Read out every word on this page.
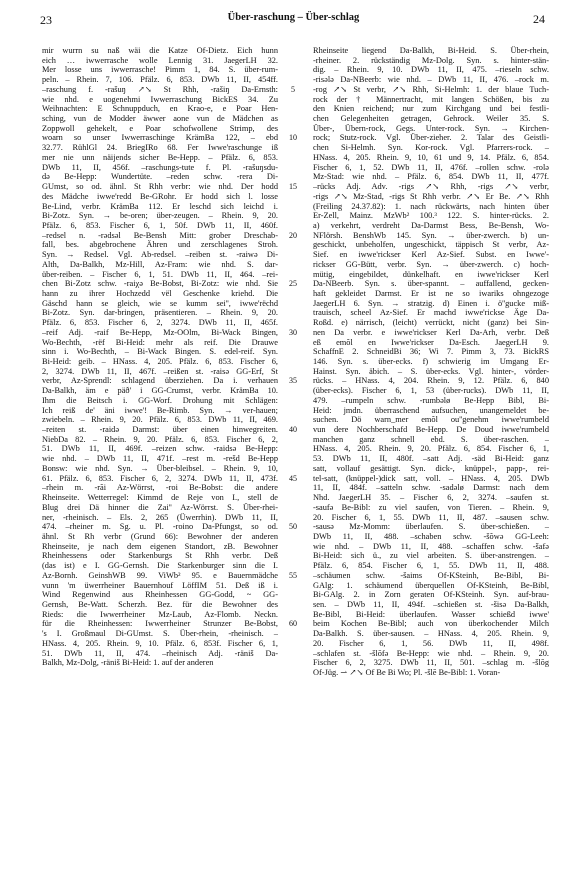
23	Über-raschung – Über-schlag	24
mir wurrn su naß wäi die Katze Of-Dietz. Eich hunn
eich … iwwerrasche wolle Lennig 31. JaegerLH 32.
Mer losse uns iwwerrasche! Pimm 1, 84. S. über-rum-
peln. – Rhein. 7, 106. Pfälz. 6, 853. DWb 11, II, 454ff.
–raschung f. -rašuŋ ↗↘ St Rhh, -rašiŋ Da-Ernsth:
wie nhd. e uogenehmi Iwwerraschung BickES 34. Zu
Weihnachten: E Schnuppduch, en Krao-e, e Poar Hen-
sching, vun de Modder äwwer aone vun de Mädchen as
Zoppwoll gehekelt, e Poar schofwollene Strimp, des
woarn so unser Iwwerraschinge KrämBa 122, – ebd
32.77. RühlGl 24. BriegIRo 68. Fer Iwwe'raschunge iß
mer nie unn näijends sicher Be-Hepp. – Pfälz. 6, 853.
DWb 11, II, 456f. –raschungs-tute f. Pl. -rašuŋsdu-
də Be-Hepp: Wundertüte. –reden schw. -rera Di-
GUmst, so od. ähnl. St Rhh verbr: wie nhd. Der hodd
des Mädche iwwe'redd Be-GRohr. Er hodd sich l. losse
Be-Lind, verbr. KrämBa 112. Er leschd sich leichd i.
Bi-Zotz. Syn. → be-oren; über-zeugen. – Rhein. 9, 20.
Pfälz. 6, 853. Fischer 6, 1, 50f. DWb 11, II, 460f.
–redsel n. -rədsəl Be-Bensh Mitt: grober Dreschab-
fall, bes. abgebrochene Ähren und zerschlagenes Stroh.
Syn. → Redsel. Vgl. Ab-redsel. –reiben st. -raiwə Di-
Alth, Da-Balkh, Mz-Hill, Az-Fram: wie nhd. S. dar-
über-reiben. – Fischer 6, 1, 51. DWb 11, II, 464. –rei-
chen Bi-Zotz schw. -raiχə Be-Bobst, Bi-Zotz: wie nhd. Sie
hann zu ihrer Hochzedd vël Geschenke kriehd. Die
Gäschd hann se gleich, wie se kumm sei'', iwwe'rëchd
Bi-Zotz. Syn. dar-bringen, präsentieren. – Rhein. 9, 20.
Pfälz. 6, 853. Fischer 6, 2, 3274. DWb 11, II, 465f.
–reif Adj. -raif Be-Hepp, Mz-OOlm, Bi-Wack Bingen,
Wo-Bechth, -rëf Bi-Heid: mehr als reif. Die Drauwe
sinn i. Wo-Bechth, – Bi-Wack Bingen. S. edel-reif. Syn.
Bi-Heid: geib. – HNass. 4, 205. Pfälz. 6, 853. Fischer 6,
2, 3274. DWb 11, II, 467f. –reißen st. -raisə GG-Erf, St
verbr, Az-Sprendl: schlagend überziehen. Da i. verhauen
Da-Balkh, äm e päð' i GG-Crumst, verbr. KrämBa 10.
Ihm die Beitsch i. GG-Worf. Drohung mit Schlägen:
Ich reiß de' äni iwwe'! Be-Rimb. Syn. → ver-hauen;
zwiebeln. – Rhein. 9, 20. Pfälz. 6, 853. DWb 11, II, 469.
–reiten st. -raidə Darmst: über einen hinwegreiten.
NiebDa 82. – Rhein. 9, 20. Pfälz. 6, 853. Fischer 6, 2,
51. DWb 11, II, 469f. –reizen schw. -raidsə Be-Hepp:
wie nhd. – DWb 11, II, 471f. –rest m. -rešd Be-Hepp
Bonsw: wie nhd. Syn. → Über-bleibsel. – Rhein. 9, 10,
61. Pfälz. 6, 853. Fischer 6, 2, 3274. DWb 11, II, 473f.
–rhein m. -rãi Az-Wörrst, -roi Be-Bobst: die andere
Rheinseite. Wetterregel: Kimmd de Reje von I., stell de
Blug drei Dä hinner die Zai'' Az-Wörrst. S. Über-rhei-
ner, -rheinisch. – Els. 2, 265 (Üwerrhin). DWb 11, II,
474. –rheiner m. Sg. u. Pl. -roino Da-Pfungst, so od.
ähnl. St Rh verbr (Grund 66): Bewohner der anderen
Rheinseite, je nach dem eigenen Standort, zB. Bewohner
Rheinhessens oder Starkenburgs St Rhh verbr. Deß
(das ist) e I. GG-Gernsh. Die Starkenburger sinn die I.
Az-Bornh. GeinshWB 99. ViWb² 95. e Bauernmädche
vunn 'm üwerrheiner Bauernhouf LöffIM 51. Deß iß i.
Wind Regenwind aus Rheinhessen GG-Godd, ~ GG-
Gernsh, Be-Watt. Scherzh. Bez. für die Bewohner des
Rieds: die Iwwerrheiner Mz-Laub, Az-Flomb. Neckn.
für die Rheinhessen: Iwwerrheiner Strunzer Be-Bobst,
's I. Großmaul Di-GUmst. S. Über-rhein, -rheinisch. –
HNass. 4, 205. Rhein. 9, 10. Pfälz. 6, 853f. Fischer 6, 1,
51. DWb 11, II, 474. –rheinisch Adj. -räniš Da-
Balkh, Mz-Dolg, -räniš Bi-Heid: 1. auf der anderen
5
10
15
20
25
30
35
40
45
50
55
60
Rheinseite liegend Da-Balkh, Bi-Heid. S. Über-rhein,
-rheiner. 2. rückständig Mz-Dolg. Syn. s. hinter-stän-
dig. – Rhein. 9, 10. DWb 11, II, 475. –rieseln schw.
-risələ Da-NBeerb: wie nhd. – DWb 11, II, 476. –rock m.
-rog ↗↘ St verbr, ↗↘ Rhh, Si-Helmh: 1. der blaue Tuch-
rock der † Männertracht, mit langen Schößen, bis zu
den Knien reichend; nur zum Kirchgang und bei festli-
chen Gelegenheiten getragen, Gehrock. Weiler 35. S.
Über-, Übern-rock, Gegs. Unter-rock. Syn. → Kirchen-
rock; Stutz-rock. Vgl. Über-zieher. 2. Talar des Geistli-
chen Si-Helmh. Syn. Kor-rock. Vgl. Pfarrers-rock. –
HNass. 4, 205. Rhein. 9, 10, 61 und 9, 14. Pfälz. 6, 854.
Fischer 6, 1, 52. DWb 11, II, 476f. –rollen schw. -rolə
Mz-Stad: wie nhd. – Pfälz. 6, 854. DWb 11, II, 477f.
–rücks Adj. Adv. -rigs ↗↘ Rhh, -rigs ↗↘ verbr,
-rigs ↗↘ Mz-Stad, -rigs St Rhh verbr. ↗↘ Er Be. ↗↘ Rhh
(Freiling 24.37.82): 1. nach rückwärts, nach hinten über
Er-Zell, Mainz. MzWb² 100.³ 122. S. hinter-rücks. 2.
a) verkehrt, verdreht Da-Darmst Bess, Be-Bensh, Wo-
NFlörsh. BenshWb 145. Syn. → über-zwerch. b) un-
geschickt, unbeholfen, ungeschickt, täppisch St verbr, Az-
Sief. en iwwe'rickser Kerl Az-Sief. Subst. en Iwwe'-
rickser GG-Bütt, verbr. Syn. → über-zwerch. c) hoch-
mütig, eingebildet, dünkelhaft. en iwwe'rickser Kerl
Da-NBeerb. Syn. s. über-spannt. – auffallend, gecken-
haft gekleidet Darmst. Er ist ne so iwariks ohngezoge
JaegerLH 6. Syn. → stratzig. d) Einen i. ö''gucke miß-
trauisch, scheel Az-Sief. Er machd iwwe'rickse Äge Da-
Roßd. e) närrisch, (leicht) verrückt, nicht (ganz) bei Sin-
nen Da verbr. e iwwe'rickser Kerl Da-Arh, verbr. Deß
eß emõl en Iwwe'rickser Da-Esch. JaegerLH 9.
SchaffnE 2. SchneidBi 36; Wi 7. Pimm 3, 73. BickRS
146. Syn. s. über-ecks. f) schwierig im Umgang Er-
Hainst. Syn. äbich. – S. über-ecks. Vgl. hinter-, vörder-
rücks. – HNass. 4, 204. Rhein. 9, 12. Pfälz. 6, 840
(über-ecks). Fischer 6, 1, 53 (über-rucks). DWb 11, II,
479. –rumpeln schw. -rumbəlø Be-Hepp Bibl, Bi-
Heid: jmdn. überraschend aufsuchen, unangemeldet be-
suchen. Dö warn_mer emõl ou''genehm iwwe'rumbeld
vun dere Nochberschafd Be-Hepp. De Doud iwwe'rumbeld
manchen ganz schnell ebd. S. über-raschen. –
HNass. 4, 205. Rhein. 9, 20. Pfälz. 6, 854. Fischer 6, 1,
53. DWb 11, II, 480f. –satt Adj. -säd Bi-Heid: ganz
satt, vollauf gesättigt. Syn. dick-, knüppel-, papp-, rei-
tel-satt, (knüppel-)dick satt, voll. – HNass. 4, 205. DWb
11, II, 484f. –satteln schw. -sadəlø Darmst: nach dem
Nhd. JaegerLH 35. – Fischer 6, 2, 3274. –saufen st.
-saufə Be-Bibl: zu viel saufen, von Tieren. – Rhein. 9,
20. Fischer 6, 1, 55. DWb 11, II, 487. –sausen schw.
-sausə Mz-Momm: überlaufen. S. über-schießen. –
DWb 11, II, 488. –schaben schw. -šõwə GG-Leeh:
wie nhd. – DWb 11, II, 488. –schaffen schw. -šafə
Bi-Heid: sich ü., zu viel arbeiten. S. über-anstrengen. –
Pfälz. 6, 854. Fischer 6, 1, 55. DWb 11, II, 488.
–schäumen schw. -šaims Of-KSteinh, Be-Bibl, Bi-
GAlg: 1. schäumend überquellen Of-KSteinh, Be-Bibl,
Bi-GAlg. 2. in Zorn geraten Of-KSteinh. Syn. auf-brau-
sen. – DWb 11, II, 494f. –schießen st. -šisə Da-Balkh,
Be-Bibl, Bi-Heid: überlaufen. Wasser schießd iwwe'
beim Kochen Be-Bibl; auch von überkochender Milch
Da-Balkh. S. über-sausen. – HNass. 4, 205. Rhein. 9,
20. Fischer 6, 1, 56. DWb 11, II, 498f.
–schlafen st. -šlōfə Be-Hepp: wie nhd. – Rhein. 9, 20.
Fischer 6, 2, 3275. DWb 11, II, 501. –schlag m. -šlōg
Of-Jüg. ⇀ ↗↘ Of Be Bi Wo; Pl. -šlē Be-Bibl: 1. Voran-
